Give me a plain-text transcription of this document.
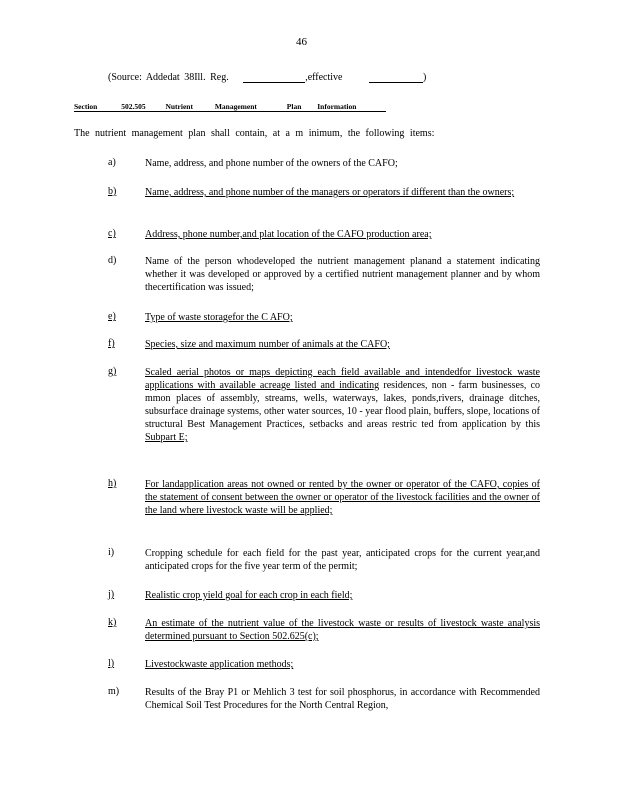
46
(Source: Addedat 38Ill. Reg.	,effective	)
Section	502.505	Nutrient	Management	Plan Information
The nutrient management plan shall contain, at a m inimum, the following items:
a)	Name, address, and phone number of the owners of the CAFO;
b)	Name, address, and phone number of the managers or operators if different than the owners;
c)	Address, phone number,and plat location of the CAFO production area;
d)	Name of the person whodeveloped the nutrient management planand a statement indicating whether it was developed or approved by a certified nutrient management planner and by whom thecertification was issued;
e)	Type of waste storagefor the C AFO;
f)	Species, size and maximum number of animals at the CAFO;
g)	Scaled aerial photos or maps depicting each field available and intendedfor livestock waste applications with available acreage listed and indicating residences, non - farm businesses, co mmon places of assembly, streams, wells, waterways, lakes, ponds,rivers, drainage ditches, subsurface drainage systems, other water sources, 10 - year flood plain, buffers, slope, locations of structural Best Management Practices, setbacks and areas restric ted from application by this Subpart E;
h)	For landapplication areas not owned or rented by the owner or operator of the CAFO, copies of the statement of consent between the owner or operator of the livestock facilities and the owner of the land where livestock waste will be applied;
i)	Cropping schedule for each field for the past year, anticipated crops for the current year,and anticipated crops for the five year term of the permit;
j)	Realistic crop yield goal for each crop in each field;
k)	An estimate of the nutrient value of the livestock waste or results of livestock waste analysis determined pursuant to Section 502.625(c);
l)	Livestockwaste application methods;
m)	Results of the Bray P1 or Mehlich 3 test for soil phosphorus, in accordance with Recommended Chemical Soil Test Procedures for the North Central Region,
